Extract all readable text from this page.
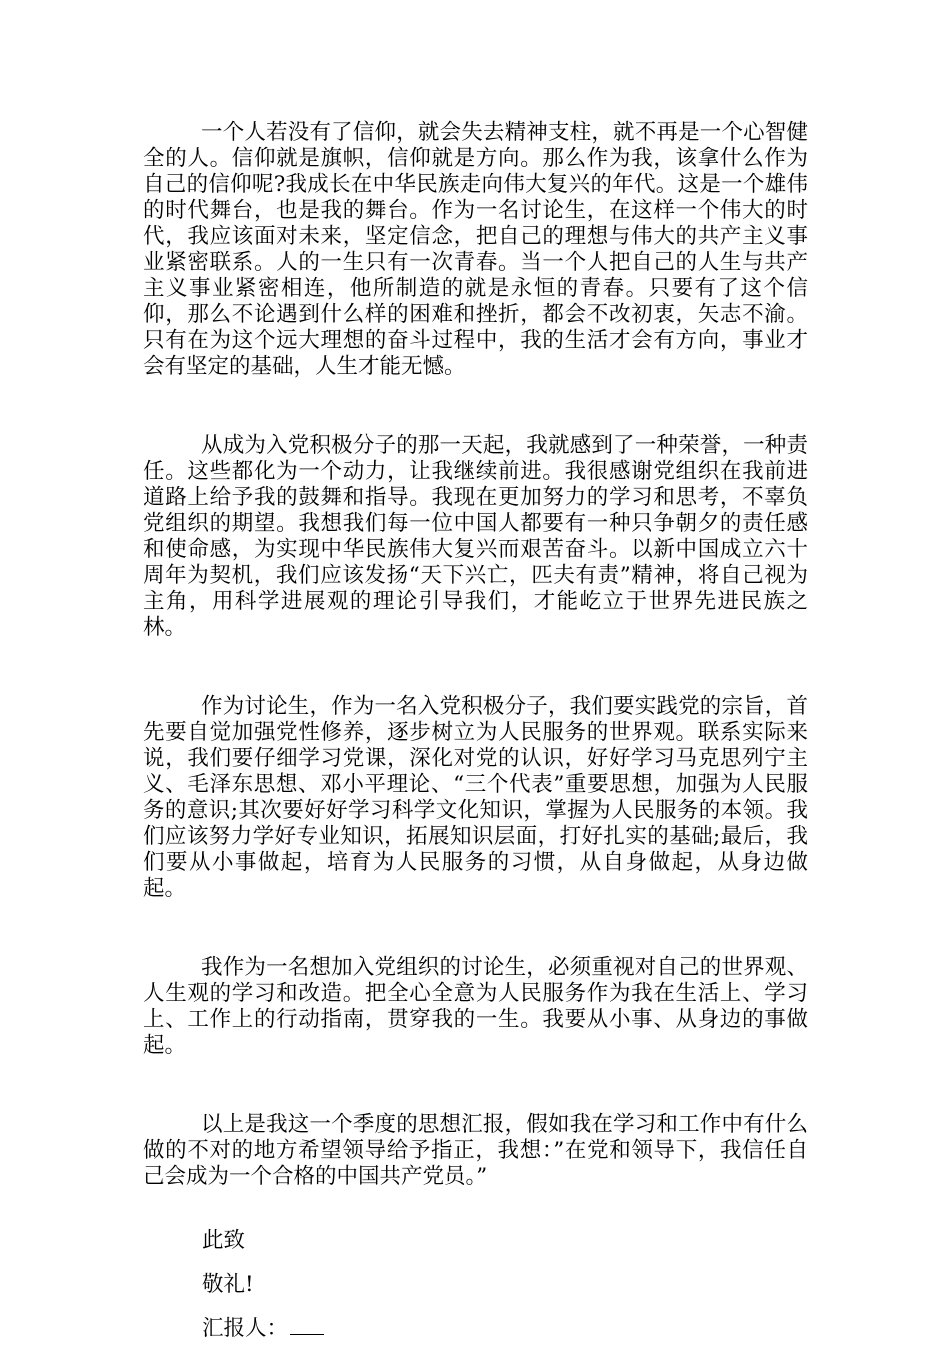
一个人若没有了信仰，就会失去精神支柱，就不再是一个心智健全的人。信仰就是旗帜，信仰就是方向。那么作为我，该拿什么作为自己的信仰呢?我成长在中华民族走向伟大复兴的年代。这是一个雄伟的时代舞台，也是我的舞台。作为一名讨论生，在这样一个伟大的时代，我应该面对未来，坚定信念，把自己的理想与伟大的共产主义事业紧密联系。人的一生只有一次青春。当一个人把自己的人生与共产主义事业紧密相连，他所制造的就是永恒的青春。只要有了这个信仰，那么不论遇到什么样的困难和挫折，都会不改初衷，矢志不渝。只有在为这个远大理想的奋斗过程中，我的生活才会有方向，事业才会有坚定的基础，人生才能无憾。

从成为入党积极分子的那一天起，我就感到了一种荣誉，一种责任。这些都化为一个动力，让我继续前进。我很感谢党组织在我前进道路上给予我的鼓舞和指导。我现在更加努力的学习和思考，不辜负党组织的期望。我想我们每一位中国人都要有一种只争朝夕的责任感和使命感，为实现中华民族伟大复兴而艰苦奋斗。以新中国成立六十周年为契机，我们应该发扬“天下兴亡，匹夫有责”精神，将自己视为主角，用科学进展观的理论引导我们，才能屹立于世界先进民族之林。

作为讨论生，作为一名入党积极分子，我们要实践党的宗旨，首先要自觉加强党性修养，逐步树立为人民服务的世界观。联系实际来说，我们要仔细学习党课，深化对党的认识，好好学习马克思列宁主义、毛泽东思想、邓小平理论、“三个代表”重要思想，加强为人民服务的意识;其次要好好学习科学文化知识，掌握为人民服务的本领。我们应该努力学好专业知识，拓展知识层面，打好扎实的基础;最后，我们要从小事做起，培育为人民服务的习惯，从自身做起，从身边做起。

我作为一名想加入党组织的讨论生，必须重视对自己的世界观、人生观的学习和改造。把全心全意为人民服务作为我在生活上、学习上、工作上的行动指南，贯穿我的一生。我要从小事、从身边的事做起。

以上是我这一个季度的思想汇报，假如我在学习和工作中有什么做的不对的地方希望领导给予指正，我想：”在党和领导下，我信任自己会成为一个合格的中国共产党员。”

此致
敬礼!
汇报人：
